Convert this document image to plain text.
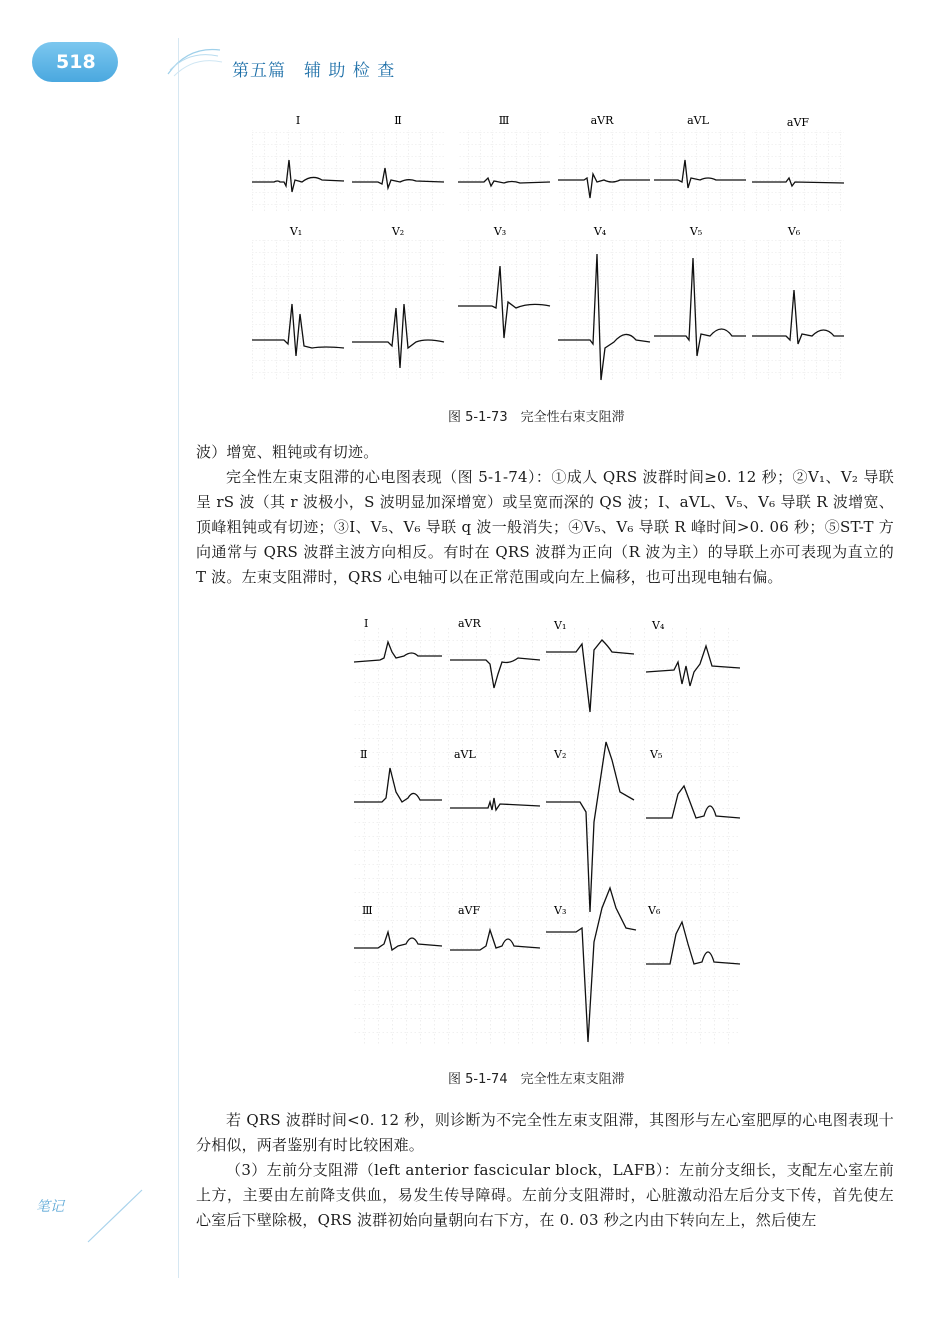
518	第五篇　辅 助 检 查
Ⅰ	Ⅱ	Ⅲ	aVR	aVL	aVF
V₁	V₂	V₃	V₄	V₅	V₆
图 5-1-73　完全性右束支阻滞

波）增宽、粗钝或有切迹。

完全性左束支阻滞的心电图表现（图 5-1-74）：①成人 QRS 波群时间≥0. 12 秒；②V₁、V₂ 导联呈 rS 波（其 r 波极小，S 波明显加深增宽）或呈宽而深的 QS 波；Ⅰ、aVL、V₅、V₆ 导联 R 波增宽、顶峰粗钝或有切迹；③Ⅰ、V₅、V₆ 导联 q 波一般消失；④V₅、V₆ 导联 R 峰时间>0. 06 秒；⑤ST-T 方向通常与 QRS 波群主波方向相反。有时在 QRS 波群为正向（R 波为主）的导联上亦可表现为直立的 T 波。左束支阻滞时，QRS 心电轴可以在正常范围或向左上偏移，也可出现电轴右偏。

Ⅰ	aVR	V₁	V₄
Ⅱ	aVL	V₂	V₅
Ⅲ	aVF	V₃	V₆
图 5-1-74　完全性左束支阻滞

若 QRS 波群时间<0. 12 秒，则诊断为不完全性左束支阻滞，其图形与左心室肥厚的心电图表现十分相似，两者鉴别有时比较困难。

（3）左前分支阻滞（left anterior fascicular block，LAFB）：左前分支细长，支配左心室左前上方，主要由左前降支供血，易发生传导障碍。左前分支阻滞时，心脏激动沿左后分支下传，首先使左心室后下壁除极，QRS 波群初始向量朝向右下方，在 0. 03 秒之内由下转向左上，然后使左

笔记
